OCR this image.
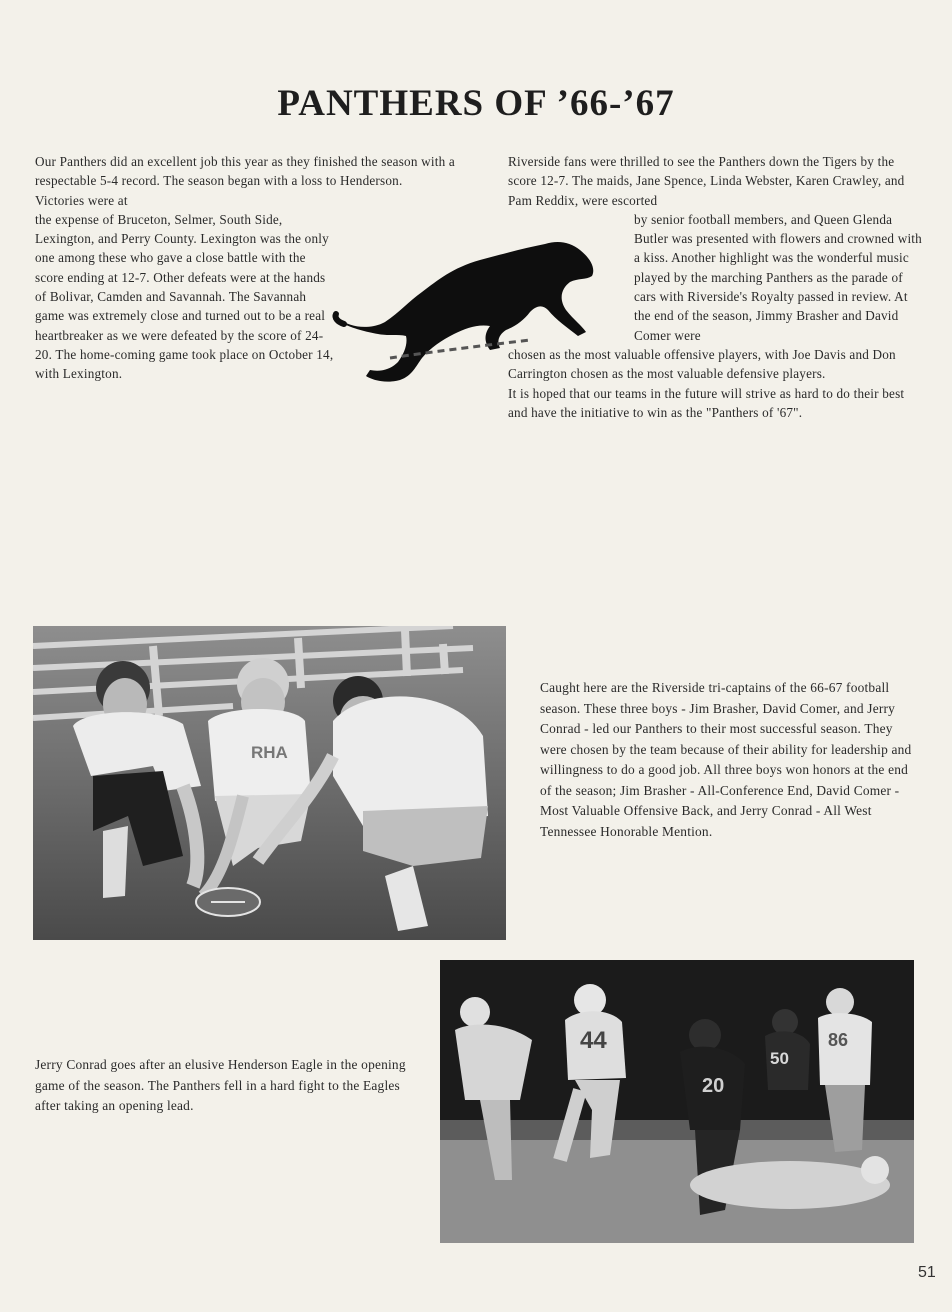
PANTHERS OF ’66-’67

Our Panthers did an excellent job this year as they finished the season with a respectable 5-4 record. The season began with a loss to Henderson. Victories were at

the expense of Bruceton, Selmer, South Side, Lexington, and Perry County. Lexington was the only one among these who gave a close battle with the score ending at 12-7. Other defeats were at the hands of Bolivar, Camden and Savannah. The Savannah game was extremely close and turned out to be a real heartbreaker as we were defeated by the score of 24-20. The home-coming game took place on October 14, with Lexington.

Riverside fans were thrilled to see the Panthers down the Tigers by the score 12-7. The maids, Jane Spence, Linda Webster, Karen Crawley, and Pam Reddix, were escorted

by senior football members, and Queen Glenda Butler was presented with flowers and crowned with a kiss. Another highlight was the wonderful music played by the marching Panthers as the parade of cars with Riverside's Royalty passed in review. At the end of the season, Jimmy Brasher and David Comer were

chosen as the most valuable offensive players, with Joe Davis and Don Carrington chosen as the most valuable defensive players.

It is hoped that our teams in the future will strive as hard to do their best and have the initiative to win as the "Panthers of '67".

RHA

Caught here are the Riverside tri-captains of the 66-67 football season. These three boys - Jim Brasher, David Comer, and Jerry Conrad - led our Panthers to their most successful season. They were chosen by the team because of their ability for leadership and willingness to do a good job. All three boys won honors at the end of the season; Jim Brasher - All-Conference End, David Comer - Most Valuable Offensive Back, and Jerry Conrad - All West Tennessee Honorable Mention.

Jerry Conrad goes after an elusive Henderson Eagle in the opening game of the season. The Panthers fell in a hard fight to the Eagles after taking an opening lead.

44	86
50
20
51
